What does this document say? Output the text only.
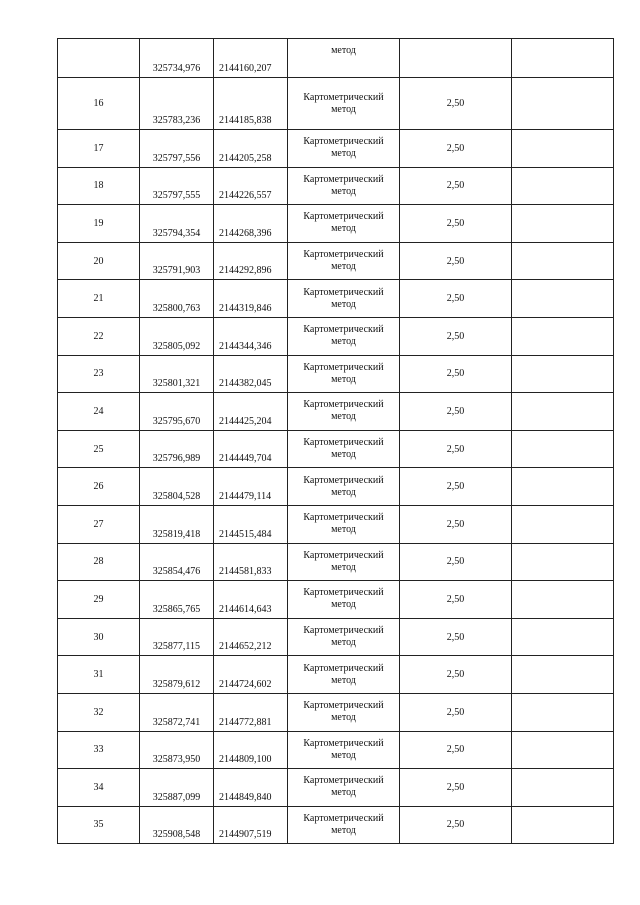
	325734,976	2144160,207	метод		
16	325783,236	2144185,838	Картометрический метод	2,50	
17	325797,556	2144205,258	Картометрический метод	2,50	
18	325797,555	2144226,557	Картометрический метод	2,50	
19	325794,354	2144268,396	Картометрический метод	2,50	
20	325791,903	2144292,896	Картометрический метод	2,50	
21	325800,763	2144319,846	Картометрический метод	2,50	
22	325805,092	2144344,346	Картометрический метод	2,50	
23	325801,321	2144382,045	Картометрический метод	2,50	
24	325795,670	2144425,204	Картометрический метод	2,50	
25	325796,989	2144449,704	Картометрический метод	2,50	
26	325804,528	2144479,114	Картометрический метод	2,50	
27	325819,418	2144515,484	Картометрический метод	2,50	
28	325854,476	2144581,833	Картометрический метод	2,50	
29	325865,765	2144614,643	Картометрический метод	2,50	
30	325877,115	2144652,212	Картометрический метод	2,50	
31	325879,612	2144724,602	Картометрический метод	2,50	
32	325872,741	2144772,881	Картометрический метод	2,50	
33	325873,950	2144809,100	Картометрический метод	2,50	
34	325887,099	2144849,840	Картометрический метод	2,50	
35	325908,548	2144907,519	Картометрический метод	2,50	
